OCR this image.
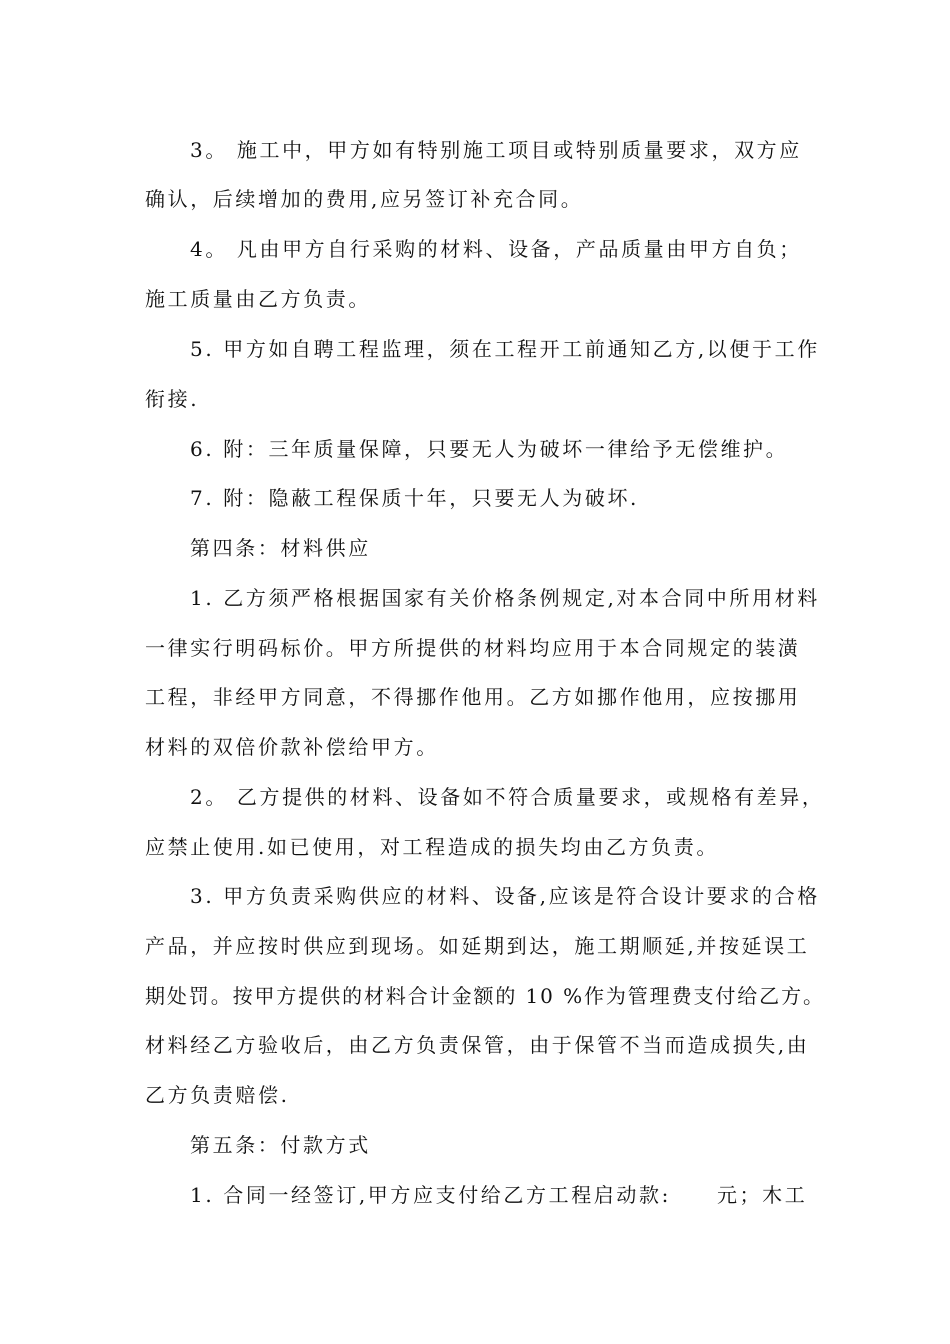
3。 施工中，甲方如有特别施工项目或特别质量要求，双方应
确认，后续增加的费用,应另签订补充合同。
4。 凡由甲方自行采购的材料、设备，产品质量由甲方自负；
施工质量由乙方负责。
5. 甲方如自聘工程监理，须在工程开工前通知乙方,以便于工作
衔接.
6. 附：三年质量保障，只要无人为破坏一律给予无偿维护。
7. 附：隐蔽工程保质十年，只要无人为破坏.
第四条：材料供应
1. 乙方须严格根据国家有关价格条例规定,对本合同中所用材料
一律实行明码标价。甲方所提供的材料均应用于本合同规定的装潢
工程，非经甲方同意，不得挪作他用。乙方如挪作他用，应按挪用
材料的双倍价款补偿给甲方。
2。 乙方提供的材料、设备如不符合质量要求，或规格有差异，
应禁止使用.如已使用，对工程造成的损失均由乙方负责。
3. 甲方负责采购供应的材料、设备,应该是符合设计要求的合格
产品，并应按时供应到现场。如延期到达，施工期顺延,并按延误工
期处罚。按甲方提供的材料合计金额的 10 %作为管理费支付给乙方。
材料经乙方验收后，由乙方负责保管，由于保管不当而造成损失,由
乙方负责赔偿.
第五条：付款方式
1. 合同一经签订,甲方应支付给乙方工程启动款: 元；木工
